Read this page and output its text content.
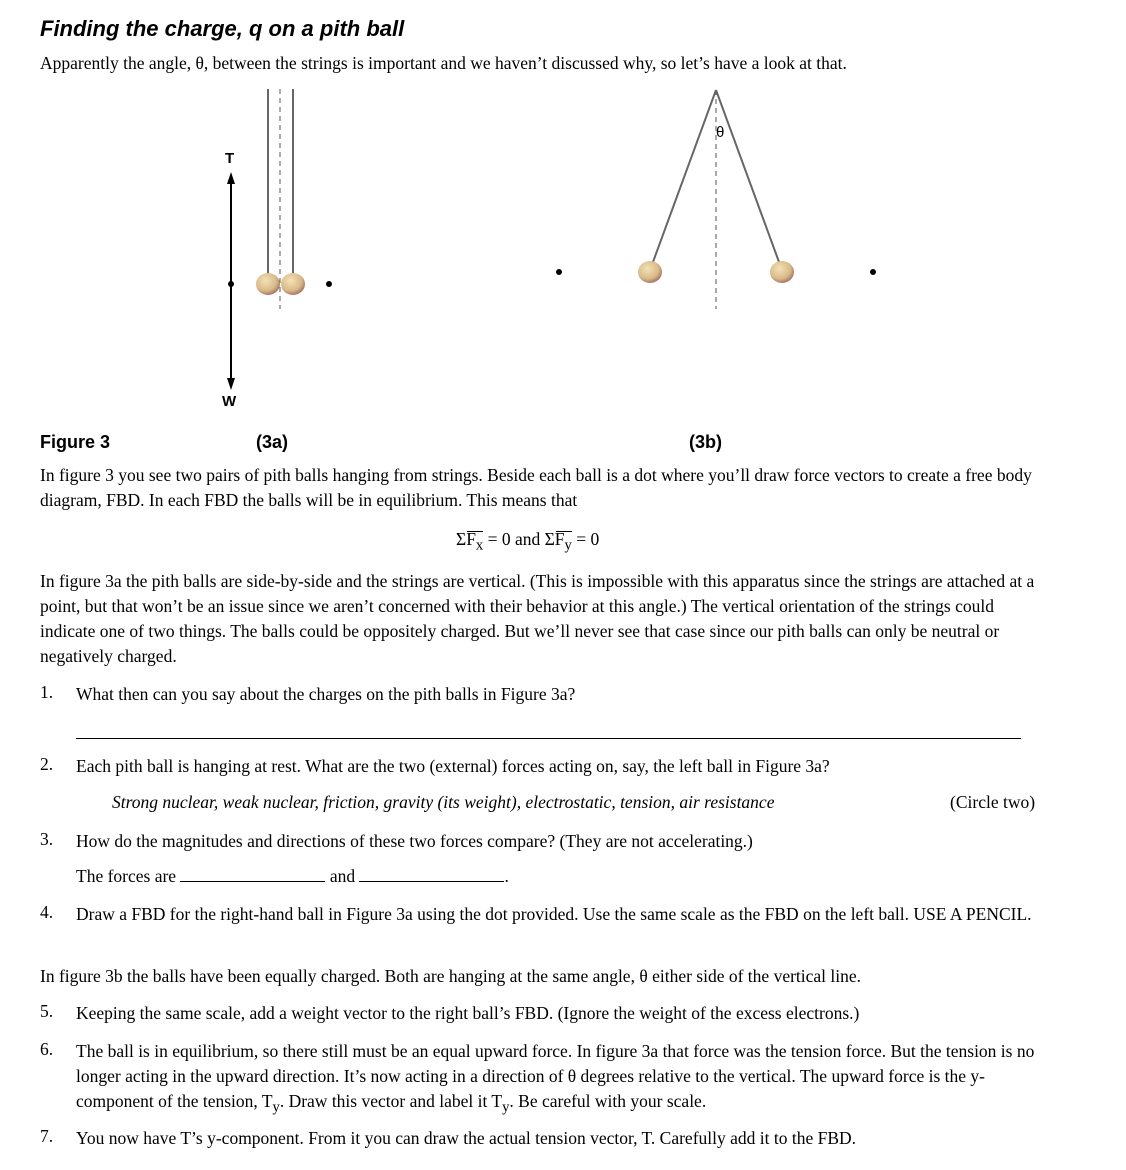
Finding the charge, q on a pith ball
Apparently the angle, θ, between the strings is important and we haven’t discussed why, so let’s have a look at that.
T
W
θ
Figure 3	(3a)	(3b)
In figure 3 you see two pairs of pith balls hanging from strings. Beside each ball is a dot where you’ll draw force vectors to create a free body diagram, FBD. In each FBD the balls will be in equilibrium. This means that
$\Sigma F_x = 0$ and $\Sigma F_y = 0$
In figure 3a the pith balls are side-by-side and the strings are vertical. (This is impossible with this apparatus since the strings are attached at a point, but that won’t be an issue since we aren’t concerned with their behavior at this angle.) The vertical orientation of the strings could indicate one of two things. The balls could be oppositely charged. But we’ll never see that case since our pith balls can only be neutral or negatively charged.
1.	What then can you say about the charges on the pith balls in Figure 3a?
2.	Each pith ball is hanging at rest. What are the two (external) forces acting on, say, the left ball in Figure 3a?
Strong nuclear, weak nuclear, friction, gravity (its weight), electrostatic, tension, air resistance	(Circle two)
3.	How do the magnitudes and directions of these two forces compare? (They are not accelerating.)
The forces are	and	.
4.	Draw a FBD for the right-hand ball in Figure 3a using the dot provided. Use the same scale as the FBD on the left ball. USE A PENCIL.
In figure 3b the balls have been equally charged. Both are hanging at the same angle, θ either side of the vertical line.
5.	Keeping the same scale, add a weight vector to the right ball’s FBD. (Ignore the weight of the excess electrons.)
6.	The ball is in equilibrium, so there still must be an equal upward force. In figure 3a that force was the tension force. But the tension is no longer acting in the upward direction. It’s now acting in a direction of θ degrees relative to the vertical. The upward force is the y-component of the tension, $T_y$. Draw this vector and label it $T_y$. Be careful with your scale.
7.	You now have T’s y-component. From it you can draw the actual tension vector, T. Carefully add it to the FBD.
